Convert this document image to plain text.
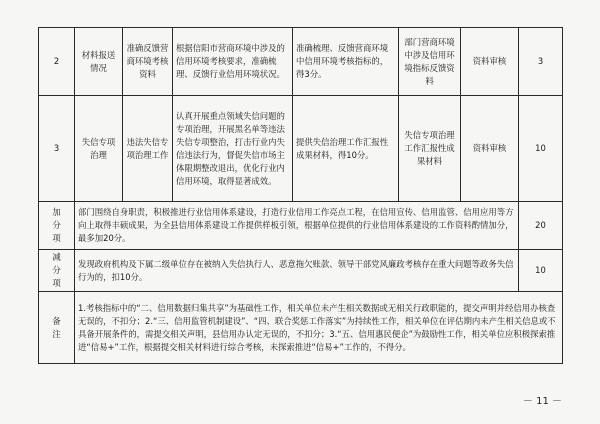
2	材料报送情况	准确反馈营商环境考核资料	根据信阳市营商环境中涉及的信用环境考核要求，准确梳理、反馈行业信用环境状况。	准确梳理、反馈营商环境中信用环境考核指标的，得3分。	部门营商环境中涉及信用环境指标反馈资料	资料审核	3
3	失信专项治理	违法失信专项治理工作	认真开展重点领域失信问题的专项治理，开展黑名单等违法失信专项整治，打击行业内失信违法行为，督促失信市场主体限期整改退出，优化行业内信用环境，取得显著成效。	提供失信治理工作汇报性成果材料，得10分。	失信专项治理工作汇报性成果材料	资料审核	10

加
分
项	部门围绕自身职责，积极推进行业信用体系建设，打造行业信用工作亮点工程，在信用宣传、信用监管、信用应用等方向上取得丰硕成果，为全县信用体系建设工作提供样板引领，根据单位提供的行业信用体系建设的工作资料酌情加分，最多加20分。						20

减
分
项	发现政府机构及下属二级单位存在被纳入失信执行人、恶意拖欠账款、领导干部党风廉政考核存在重大问题等政务失信行为的，扣10分。						10

备
注	1.考核指标中的“二、信用数据归集共享”为基础性工作，相关单位未产生相关数据或无相关行政职能的，提交声明并经信用办核查无误的，不扣分；2.“三、信用监管机制建设”、“四、联合奖惩工作落实”为持续性工作，相关单位在评估期内未产生相关信息或不具备开展条件的，需提交相关声明，县信用办认定无误的，不扣分；3.“五、信用惠民便企”为鼓励性工作，相关单位应积极探索推进“信易+”工作，根据提交相关材料进行综合考核，未探索推进“信易+”工作的，不得分。						
－ 11 －
